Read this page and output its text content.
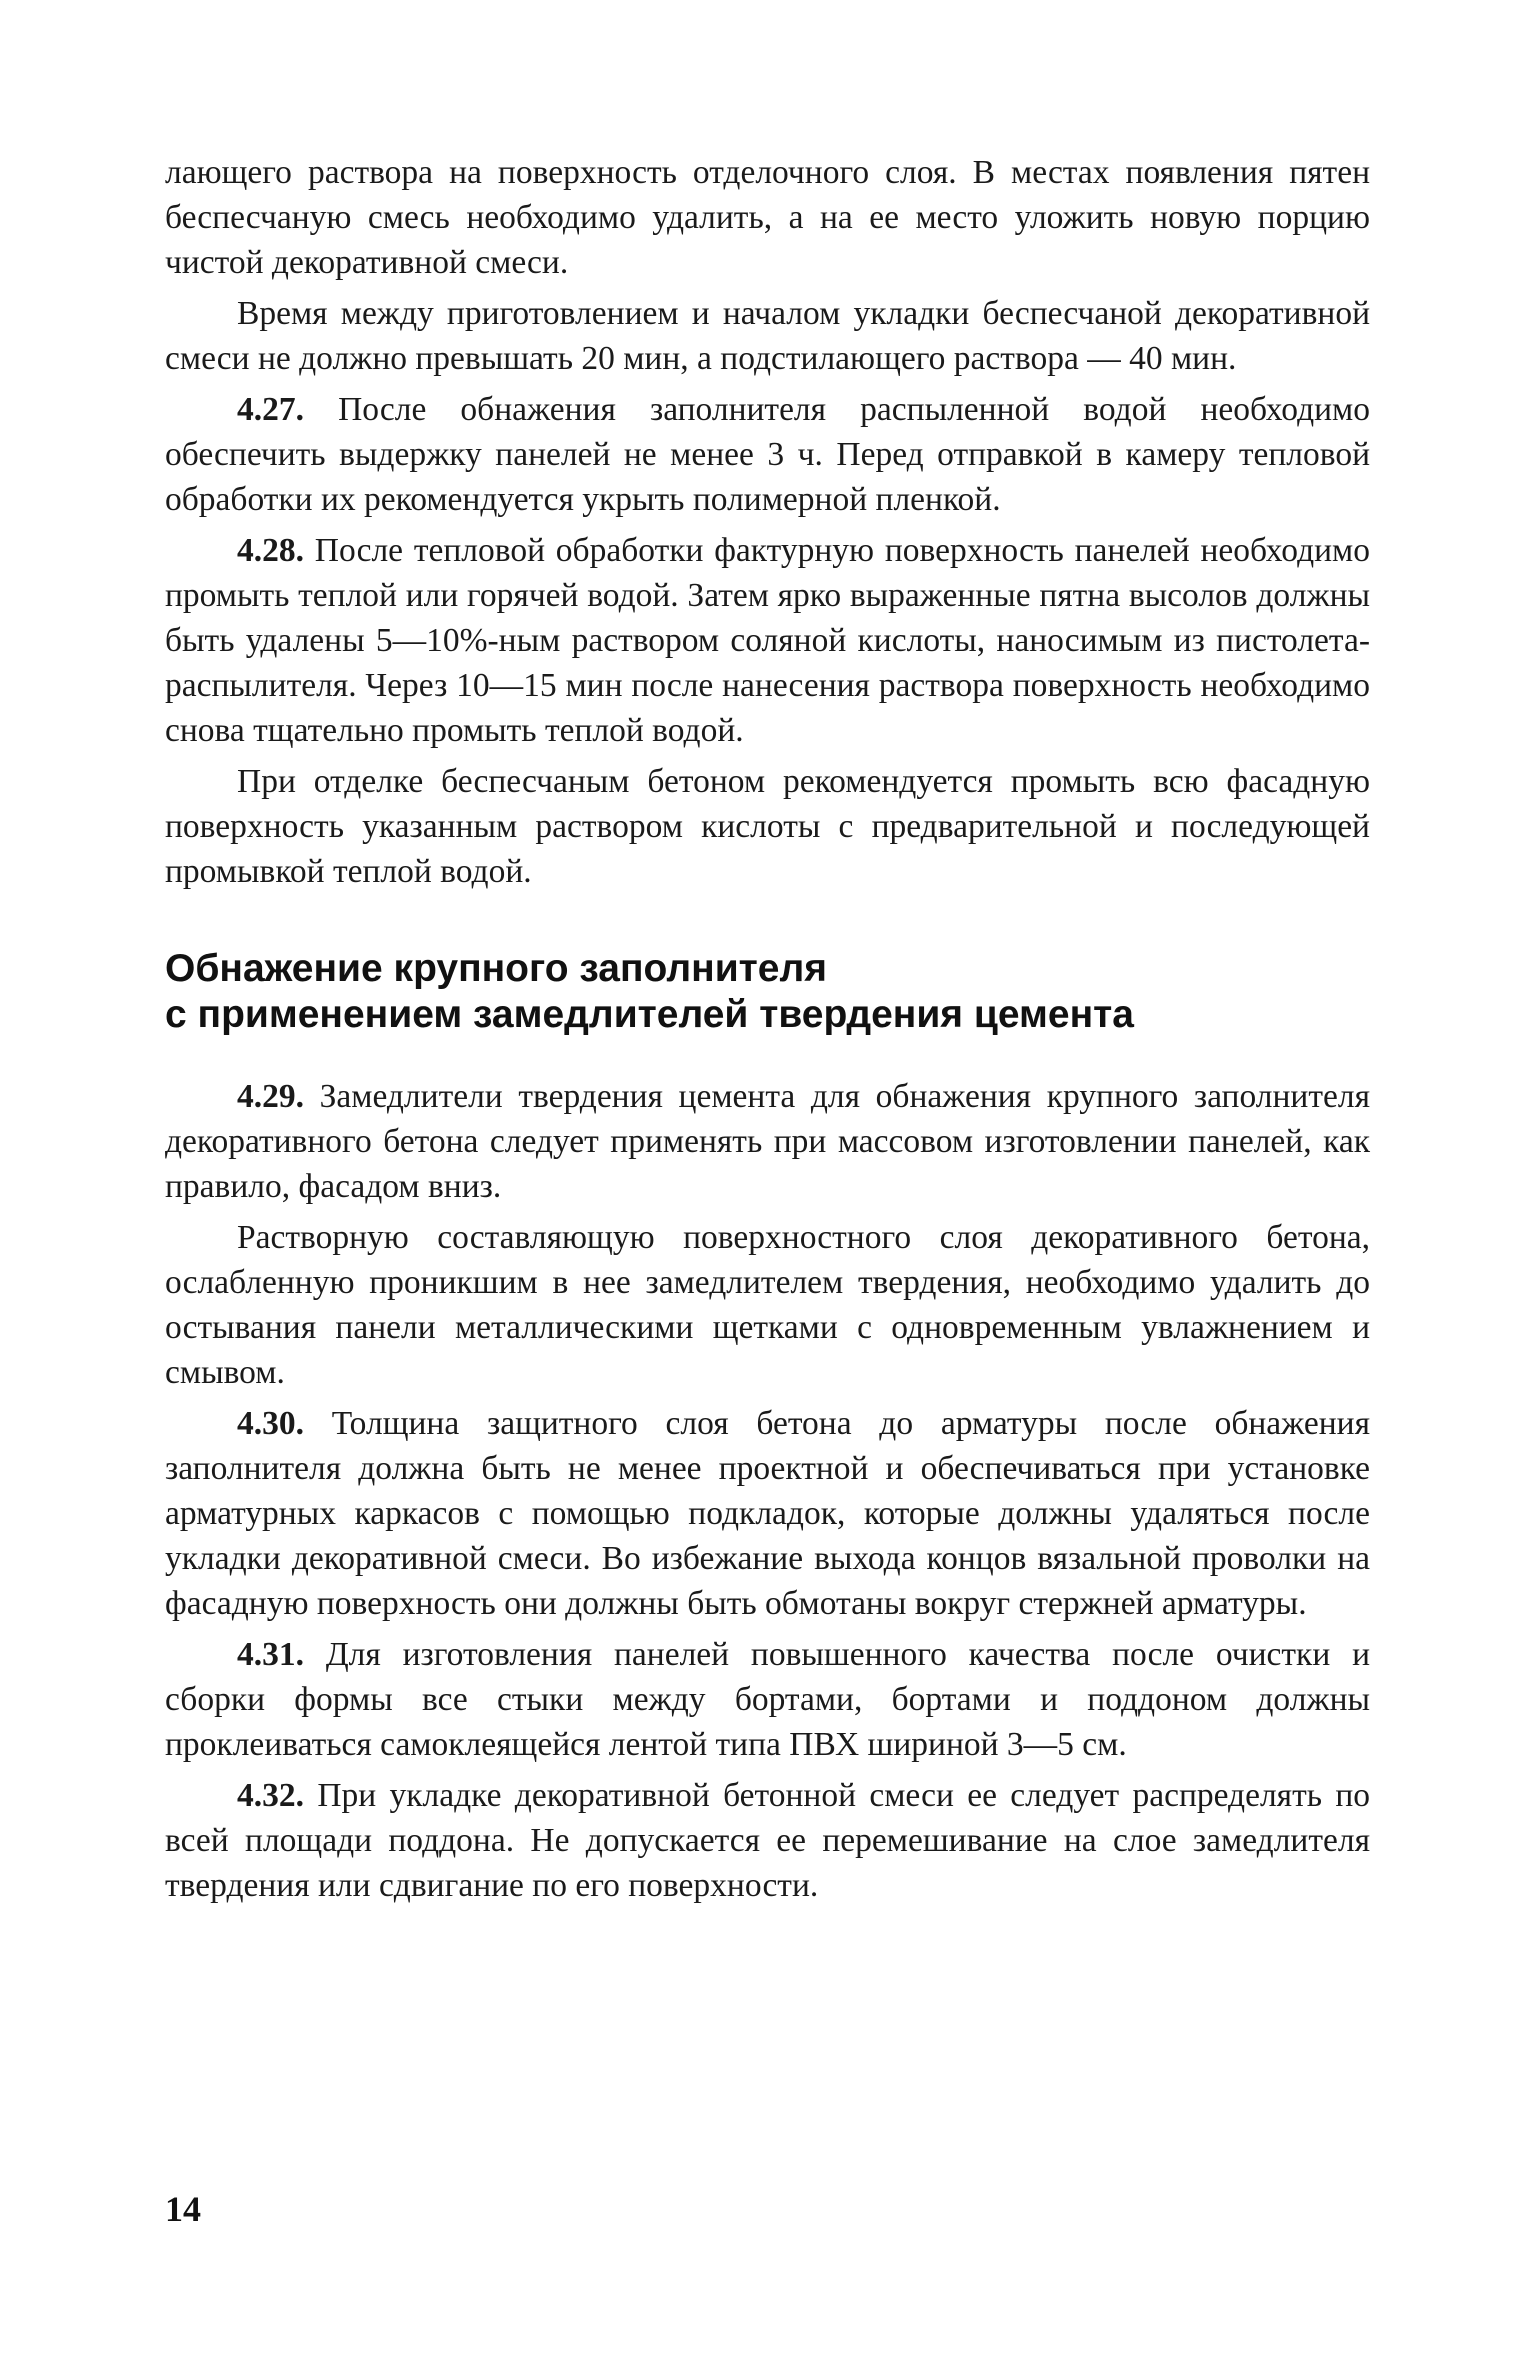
лающего раствора на поверхность отделочного слоя. В местах появления пятен беспесчаную смесь необходимо удалить, а на ее место уложить новую порцию чистой декоративной смеси.

Время между приготовлением и началом укладки беспесчаной декоративной смеси не должно превышать 20 мин, а подстилающего раствора — 40 мин.

4.27. После обнажения заполнителя распыленной водой необходимо обеспечить выдержку панелей не менее 3 ч. Перед отправкой в камеру тепловой обработки их рекомендуется укрыть полимерной пленкой.

4.28. После тепловой обработки фактурную поверхность панелей необходимо промыть теплой или горячей водой. Затем ярко выраженные пятна высолов должны быть удалены 5—10%-ным раствором соляной кислоты, наносимым из пистолета-распылителя. Через 10—15 мин после нанесения раствора поверхность необходимо снова тщательно промыть теплой водой.

При отделке беспесчаным бетоном рекомендуется промыть всю фасадную поверхность указанным раствором кислоты с предварительной и последующей промывкой теплой водой.

Обнажение крупного заполнителя
с применением замедлителей твердения цемента

4.29. Замедлители твердения цемента для обнажения крупного заполнителя декоративного бетона следует применять при массовом изготовлении панелей, как правило, фасадом вниз.

Растворную составляющую поверхностного слоя декоративного бетона, ослабленную проникшим в нее замедлителем твердения, необходимо удалить до остывания панели металлическими щетками с одновременным увлажнением и смывом.

4.30. Толщина защитного слоя бетона до арматуры после обнажения заполнителя должна быть не менее проектной и обеспечиваться при установке арматурных каркасов с помощью подкладок, которые должны удаляться после укладки декоративной смеси. Во избежание выхода концов вязальной проволки на фасадную поверхность они должны быть обмотаны вокруг стержней арматуры.

4.31. Для изготовления панелей повышенного качества после очистки и сборки формы все стыки между бортами, бортами и поддоном должны проклеиваться самоклеящейся лентой типа ПВХ шириной 3—5 см.

4.32. При укладке декоративной бетонной смеси ее следует распределять по всей площади поддона. Не допускается ее перемешивание на слое замедлителя твердения или сдвигание по его поверхности.

14
